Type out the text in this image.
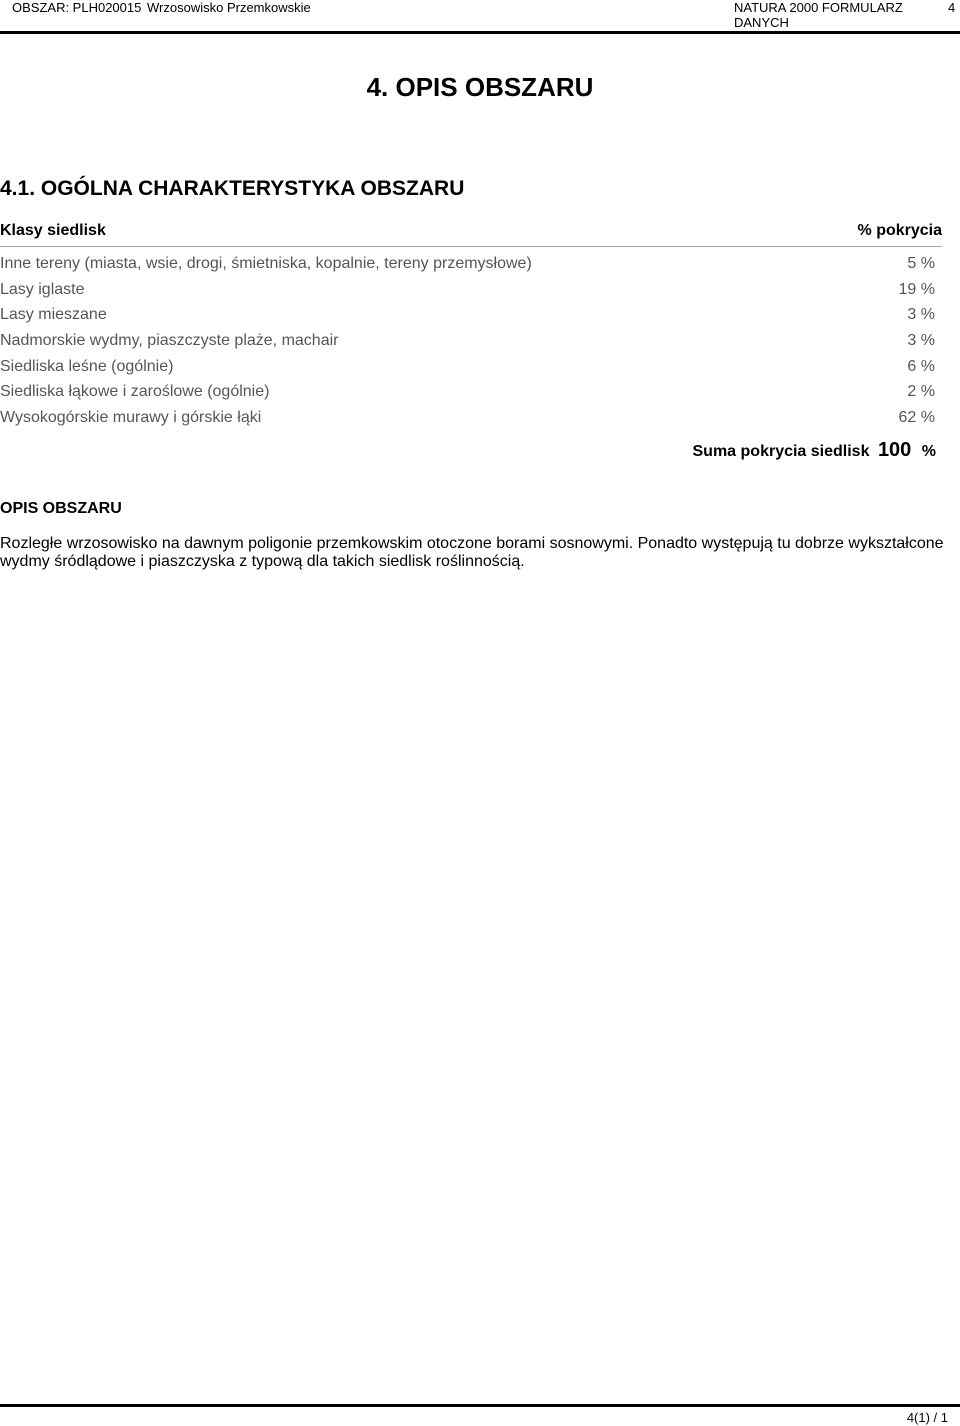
OBSZAR: PLH020015 Wrzosowisko Przemkowskie	NATURA 2000 FORMULARZ DANYCH
4
4. OPIS OBSZARU
4.1. OGÓLNA CHARAKTERYSTYKA OBSZARU
Klasy siedlisk	% pokrycia
Inne tereny (miasta, wsie, drogi, śmietniska, kopalnie, tereny przemysłowe)	5 %
Lasy iglaste	19 %
Lasy mieszane	3 %
Nadmorskie wydmy, piaszczyste plaże, machair	3 %
Siedliska leśne (ogólnie)	6 %
Siedliska łąkowe i zaroślowe (ogólnie)	2 %
Wysokogórskie murawy i górskie łąki	62 %
Suma pokrycia siedlisk 100 %
OPIS OBSZARU

Rozległe wrzosowisko na dawnym poligonie przemkowskim otoczone borami sosnowymi. Ponadto występują tu dobrze wykształcone wydmy śródlądowe i piaszczyska z typową dla takich siedlisk roślinnością.

4(1) / 1
